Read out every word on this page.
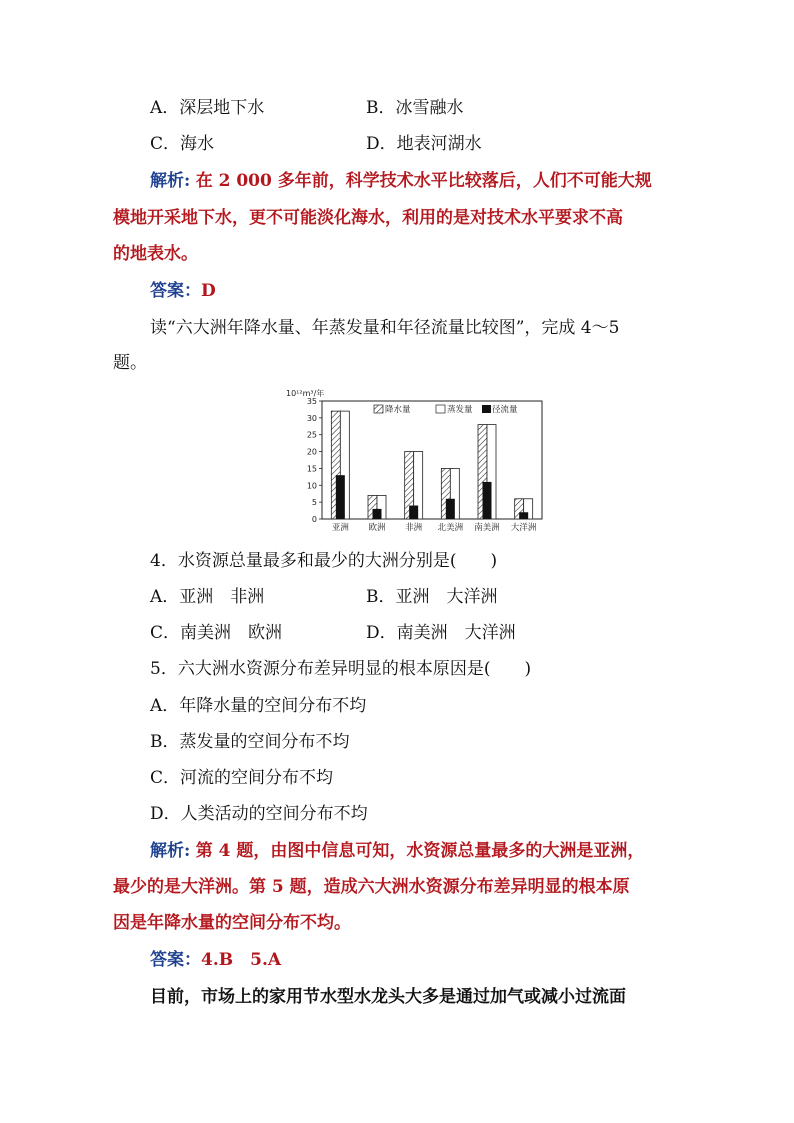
A．深层地下水	B．冰雪融水
C．海水	D．地表河湖水
解析: 在 2 000 多年前，科学技术水平比较落后，人们不可能大规
模地开采地下水，更不可能淡化海水，利用的是对技术水平要求不高
的地表水。
答案：D
读“六大洲年降水量、年蒸发量和年径流量比较图”，完成 4～5
题。
0
5
10
15
20
25
30
35
亚洲 欧洲 非洲 北美洲 南美洲 大洋洲
10¹²m³/年
降水量	蒸发量 径流量
4．水资源总量最多和最少的大洲分别是(　　)
A．亚洲　非洲	B．亚洲　大洋洲
C．南美洲　欧洲	D．南美洲　大洋洲
5．六大洲水资源分布差异明显的根本原因是(　　)
A．年降水量的空间分布不均
B．蒸发量的空间分布不均
C．河流的空间分布不均
D．人类活动的空间分布不均
解析: 第 4 题，由图中信息可知，水资源总量最多的大洲是亚洲，
最少的是大洋洲。第 5 题，造成六大洲水资源分布差异明显的根本原
因是年降水量的空间分布不均。
答案：4.B　5.A
目前，市场上的家用节水型水龙头大多是通过加气或减小过流面
